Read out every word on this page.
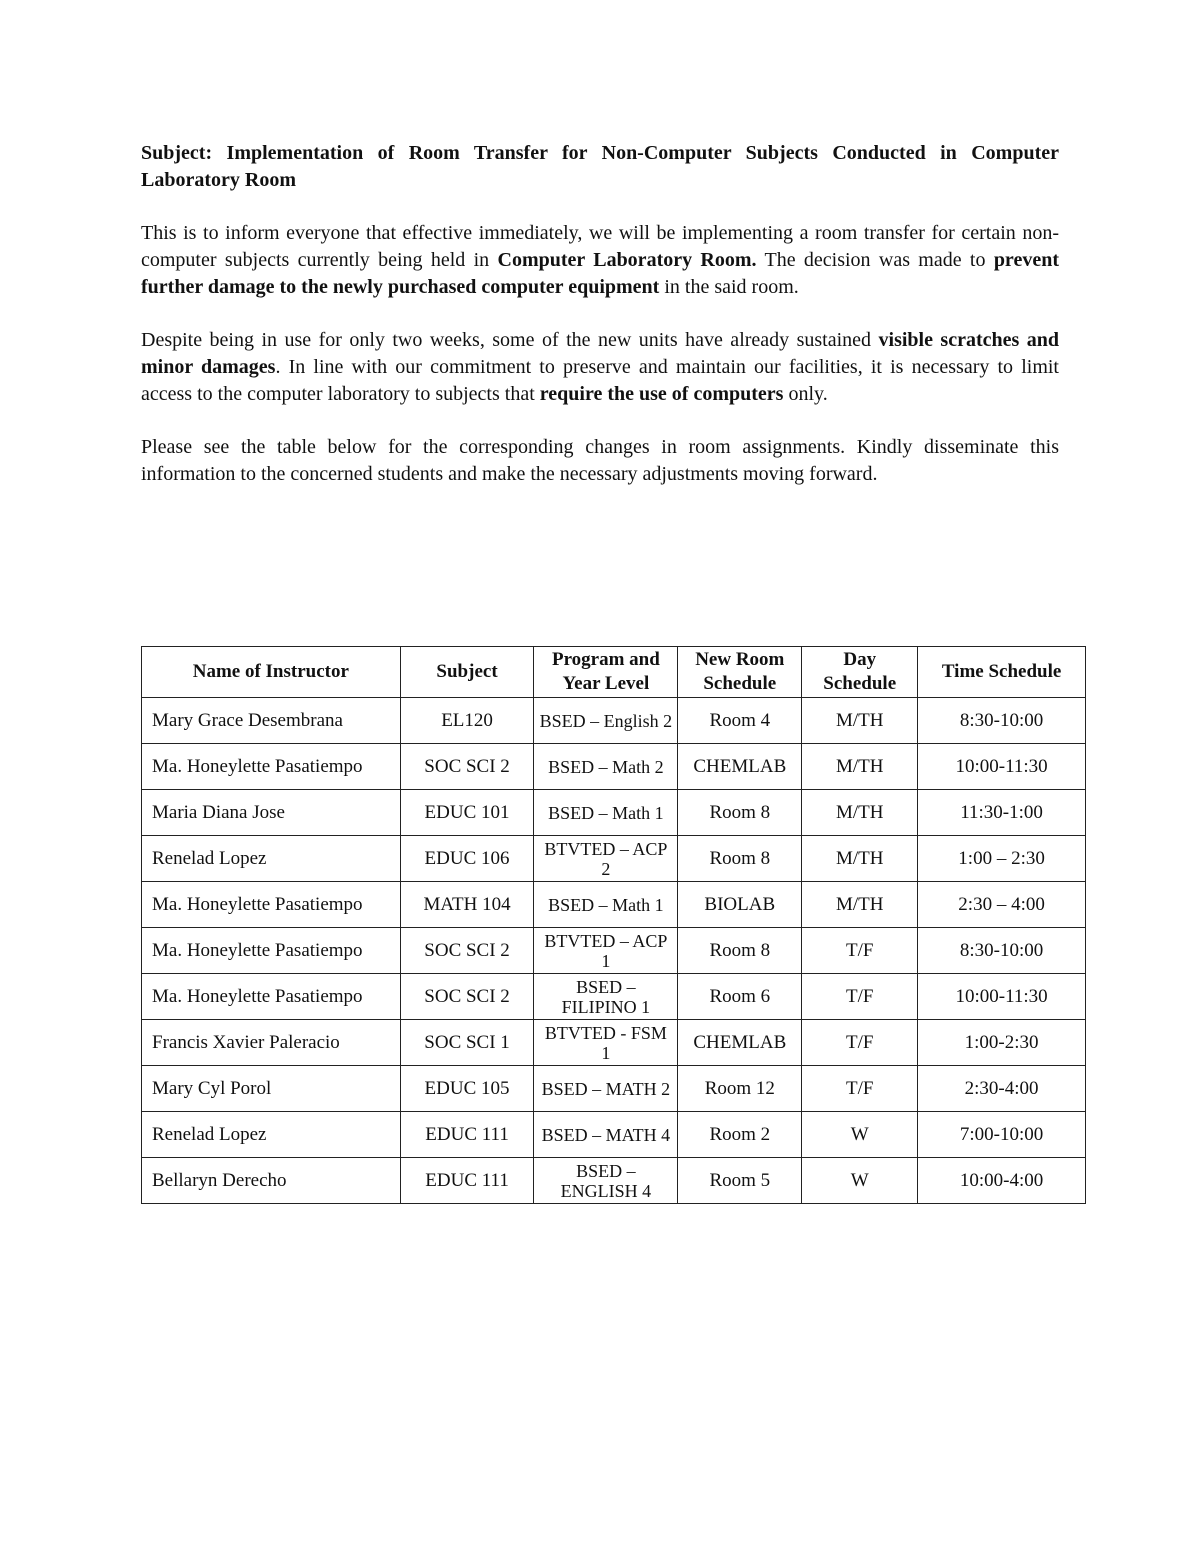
Subject: Implementation of Room Transfer for Non-Computer Subjects Conducted in Computer Laboratory Room

This is to inform everyone that effective immediately, we will be implementing a room transfer for certain non-computer subjects currently being held in Computer Laboratory Room. The decision was made to prevent further damage to the newly purchased computer equipment in the said room.

Despite being in use for only two weeks, some of the new units have already sustained visible scratches and minor damages. In line with our commitment to preserve and maintain our facilities, it is necessary to limit access to the computer laboratory to subjects that require the use of computers only.

Please see the table below for the corresponding changes in room assignments. Kindly disseminate this information to the concerned students and make the necessary adjustments moving forward.

Name of Instructor	Subject	Program and Year Level	New Room Schedule	Day Schedule	Time Schedule
Mary Grace Desembrana	EL120	BSED – English 2	Room 4	M/TH	8:30-10:00
Ma. Honeylette Pasatiempo	SOC SCI 2	BSED – Math 2	CHEMLAB	M/TH	10:00-11:30
Maria Diana Jose	EDUC 101	BSED – Math 1	Room 8	M/TH	11:30-1:00
Renelad Lopez	EDUC 106	BTVTED – ACP 2	Room 8	M/TH	1:00 – 2:30
Ma. Honeylette Pasatiempo	MATH 104	BSED – Math 1	BIOLAB	M/TH	2:30 – 4:00
Ma. Honeylette Pasatiempo	SOC SCI 2	BTVTED – ACP 1	Room 8	T/F	8:30-10:00
Ma. Honeylette Pasatiempo	SOC SCI 2	BSED – FILIPINO 1	Room 6	T/F	10:00-11:30
Francis Xavier Paleracio	SOC SCI 1	BTVTED - FSM 1	CHEMLAB	T/F	1:00-2:30
Mary Cyl Porol	EDUC 105	BSED – MATH 2	Room 12	T/F	2:30-4:00
Renelad Lopez	EDUC 111	BSED – MATH 4	Room 2	W	7:00-10:00
Bellaryn Derecho	EDUC 111	BSED – ENGLISH 4	Room 5	W	10:00-4:00
